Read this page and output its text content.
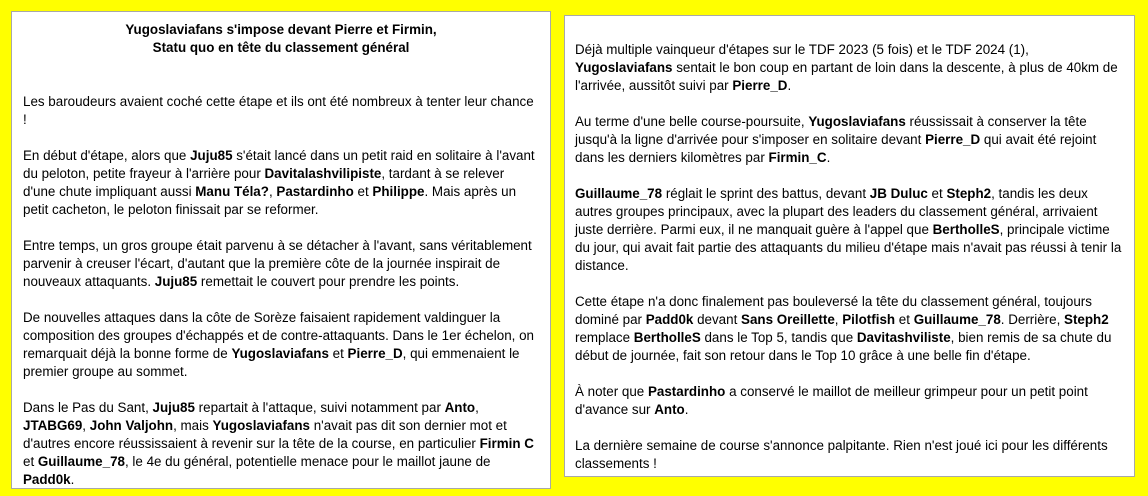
Yugoslaviafans s'impose devant Pierre et Firmin,
Statu quo en tête du classement général

Les baroudeurs avaient coché cette étape et ils ont été nombreux à tenter leur chance !

En début d'étape, alors que Juju85 s'était lancé dans un petit raid en solitaire à l'avant du peloton, petite frayeur à l'arrière pour Davitalashvilipiste, tardant à se relever d'une chute impliquant aussi Manu Téla?, Pastardinho et Philippe. Mais après un petit cacheton, le peloton finissait par se reformer.

Entre temps, un gros groupe était parvenu à se détacher à l'avant, sans véritablement parvenir à creuser l'écart, d'autant que la première côte de la journée inspirait de nouveaux attaquants. Juju85 remettait le couvert pour prendre les points.

De nouvelles attaques dans la côte de Sorèze faisaient rapidement valdinguer la composition des groupes d'échappés et de contre-attaquants. Dans le 1er échelon, on remarquait déjà la bonne forme de Yugoslaviafans et Pierre_D, qui emmenaient le premier groupe au sommet.

Dans le Pas du Sant, Juju85 repartait à l'attaque, suivi notamment par Anto, JTABG69, John Valjohn, mais Yugoslaviafans n'avait pas dit son dernier mot et d'autres encore réussissaient à revenir sur la tête de la course, en particulier Firmin C et Guillaume_78, le 4e du général, potentielle menace pour le maillot jaune de Padd0k.

Déjà multiple vainqueur d'étapes sur le TDF 2023 (5 fois) et le TDF 2024 (1), Yugoslaviafans sentait le bon coup en partant de loin dans la descente, à plus de 40km de l'arrivée, aussitôt suivi par Pierre_D.

Au terme d'une belle course-poursuite, Yugoslaviafans réussissait à conserver la tête jusqu'à la ligne d'arrivée pour s'imposer en solitaire devant Pierre_D qui avait été rejoint dans les derniers kilomètres par Firmin_C.

Guillaume_78 réglait le sprint des battus, devant JB Duluc et Steph2, tandis les deux autres groupes principaux, avec la plupart des leaders du classement général, arrivaient juste derrière. Parmi eux, il ne manquait guère à l'appel que BertholleS, principale victime du jour, qui avait fait partie des attaquants du milieu d'étape mais n'avait pas réussi à tenir la distance.

Cette étape n'a donc finalement pas bouleversé la tête du classement général, toujours dominé par Padd0k devant Sans Oreillette, Pilotfish et Guillaume_78. Derrière, Steph2 remplace BertholleS dans le Top 5, tandis que Davitashviliste, bien remis de sa chute du début de journée, fait son retour dans le Top 10 grâce à une belle fin d'étape.

À noter que Pastardinho a conservé le maillot de meilleur grimpeur pour un petit point d'avance sur Anto.

La dernière semaine de course s'annonce palpitante. Rien n'est joué ici pour les différents classements !
